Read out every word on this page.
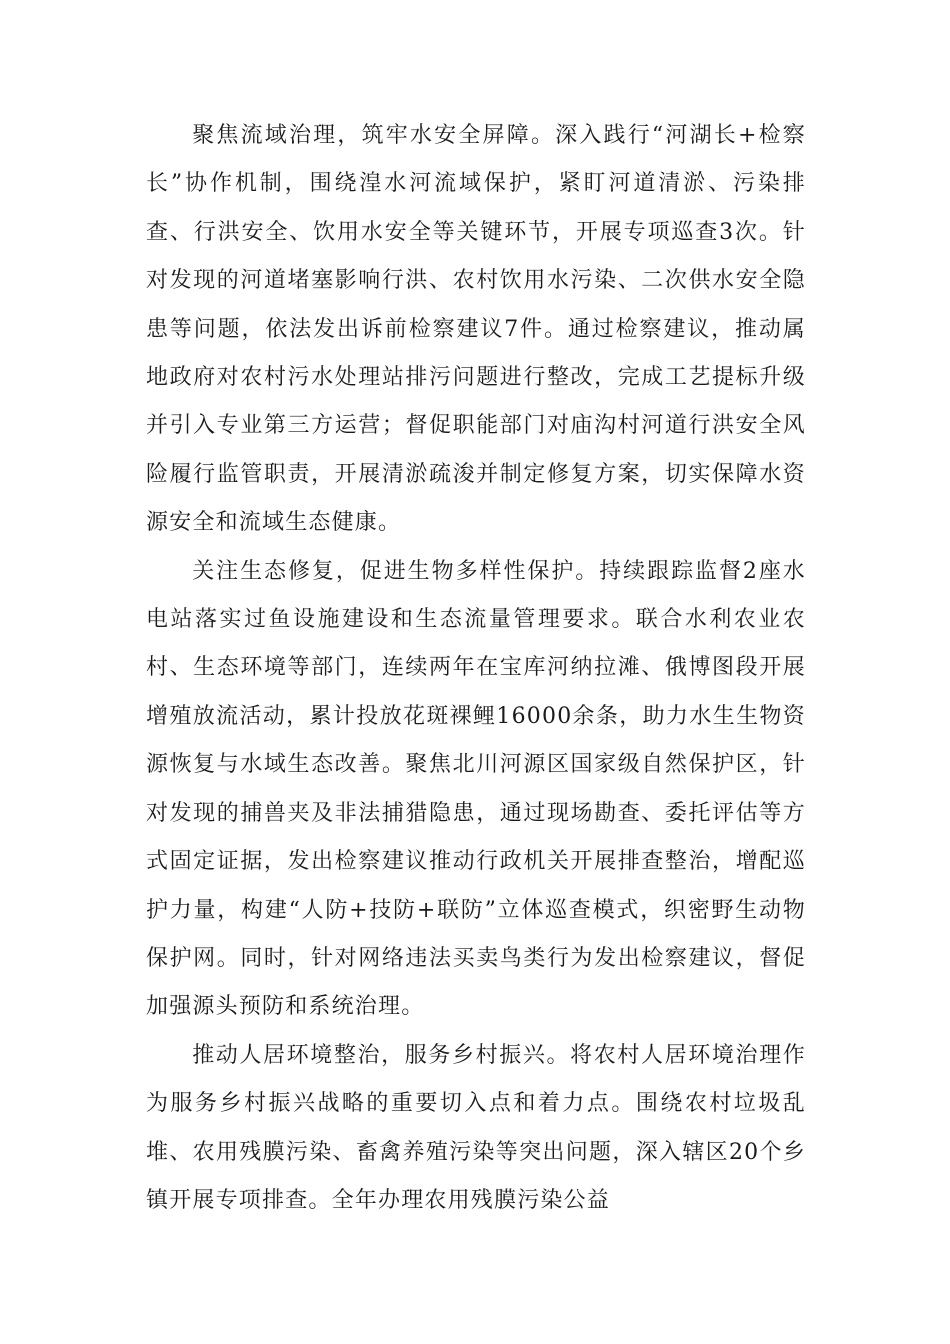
聚焦流域治理，筑牢水安全屏障。深入践行“河湖长+检察长”协作机制，围绕湟水河流域保护，紧盯河道清淤、污染排查、行洪安全、饮用水安全等关键环节，开展专项巡查3次。针对发现的河道堵塞影响行洪、农村饮用水污染、二次供水安全隐患等问题，依法发出诉前检察建议7件。通过检察建议，推动属地政府对农村污水处理站排污问题进行整改，完成工艺提标升级并引入专业第三方运营；督促职能部门对庙沟村河道行洪安全风险履行监管职责，开展清淤疏浚并制定修复方案，切实保障水资源安全和流域生态健康。

关注生态修复，促进生物多样性保护。持续跟踪监督2座水电站落实过鱼设施建设和生态流量管理要求。联合水利农业农村、生态环境等部门，连续两年在宝库河纳拉滩、俄博图段开展增殖放流活动，累计投放花斑裸鲤16000余条，助力水生生物资源恢复与水域生态改善。聚焦北川河源区国家级自然保护区，针对发现的捕兽夹及非法捕猎隐患，通过现场勘查、委托评估等方式固定证据，发出检察建议推动行政机关开展排查整治，增配巡护力量，构建“人防+技防+联防”立体巡查模式，织密野生动物保护网。同时，针对网络违法买卖鸟类行为发出检察建议，督促加强源头预防和系统治理。

推动人居环境整治，服务乡村振兴。将农村人居环境治理作为服务乡村振兴战略的重要切入点和着力点。围绕农村垃圾乱堆、农用残膜污染、畜禽养殖污染等突出问题，深入辖区20个乡镇开展专项排查。全年办理农用残膜污染公益
